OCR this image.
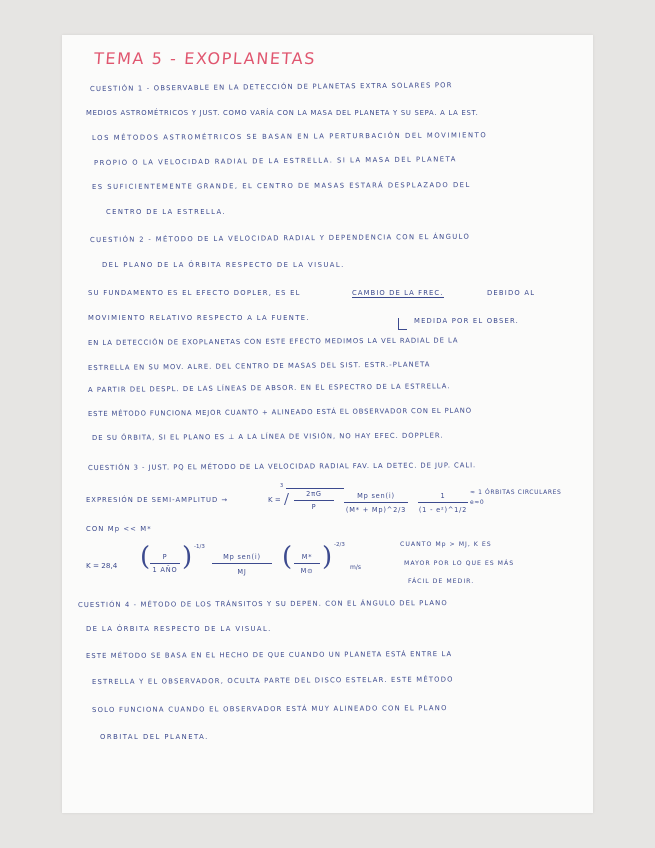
TEMA 5 - EXOPLANETAS
CUESTIÓN 1 - OBSERVABLE EN LA DETECCIÓN DE PLANETAS EXTRA SOLARES POR
MEDIOS ASTROMÉTRICOS Y JUST. COMO VARÍA CON LA MASA DEL PLANETA Y SU SEPA. A LA EST.
LOS MÉTODOS ASTROMÉTRICOS SE BASAN EN LA PERTURBACIÓN DEL MOVIMIENTO
PROPIO O LA VELOCIDAD RADIAL DE LA ESTRELLA. SI LA MASA DEL PLANETA
ES SUFICIENTEMENTE GRANDE, EL CENTRO DE MASAS ESTARÁ DESPLAZADO DEL
CENTRO DE LA ESTRELLA.
CUESTIÓN 2 - MÉTODO DE LA VELOCIDAD RADIAL Y DEPENDENCIA CON EL ÁNGULO
DEL PLANO DE LA ÓRBITA RESPECTO DE LA VISUAL.
SU FUNDAMENTO ES EL EFECTO DOPLER, ES EL	CAMBIO DE LA FREC.	DEBIDO AL
MOVIMIENTO RELATIVO RESPECTO A LA FUENTE.	MEDIDA POR EL OBSER.
EN LA DETECCIÓN DE EXOPLANETAS CON ESTE EFECTO MEDIMOS LA VEL RADIAL DE LA
ESTRELLA EN SU MOV. ALRE. DEL CENTRO DE MASAS DEL SIST. ESTR.-PLANETA
A PARTIR DEL DESPL. DE LAS LÍNEAS DE ABSOR. EN EL ESPECTRO DE LA ESTRELLA.
ESTE MÉTODO FUNCIONA MEJOR CUANTO + ALINEADO ESTÁ EL OBSERVADOR CON EL PLANO
DE SU ÓRBITA, SI EL PLANO ES ⊥ A LA LÍNEA DE VISIÓN, NO HAY EFEC. DOPPLER.
CUESTIÓN 3 - JUST. PQ EL MÉTODO DE LA VELOCIDAD RADIAL FAV. LA DETEC. DE JUP. CALI.
EXPRESIÓN DE SEMI-AMPLITUD →	K =
3
2πG
P
Mp sen(i)
(M* + Mp)^2/3
1
(1 - e²)^1/2
≈ 1 ÓRBITAS CIRCULARES e≈0
CON Mp << M*
K = 28,4 (	P
1 AÑO ) -1/3
Mp sen(i)
MJ	(	M*
M⊙ ) -2/3
m/s
CUANTO Mp > MJ, K ES
MAYOR POR LO QUE ES MÁS
FÁCIL DE MEDIR.
CUESTIÓN 4 - MÉTODO DE LOS TRÁNSITOS Y SU DEPEN. CON EL ÁNGULO DEL PLANO
DE LA ÓRBITA RESPECTO DE LA VISUAL.
ESTE MÉTODO SE BASA EN EL HECHO DE QUE CUANDO UN PLANETA ESTÁ ENTRE LA
ESTRELLA Y EL OBSERVADOR, OCULTA PARTE DEL DISCO ESTELAR. ESTE MÉTODO
SOLO FUNCIONA CUANDO EL OBSERVADOR ESTÁ MUY ALINEADO CON EL PLANO
ORBITAL DEL PLANETA.
